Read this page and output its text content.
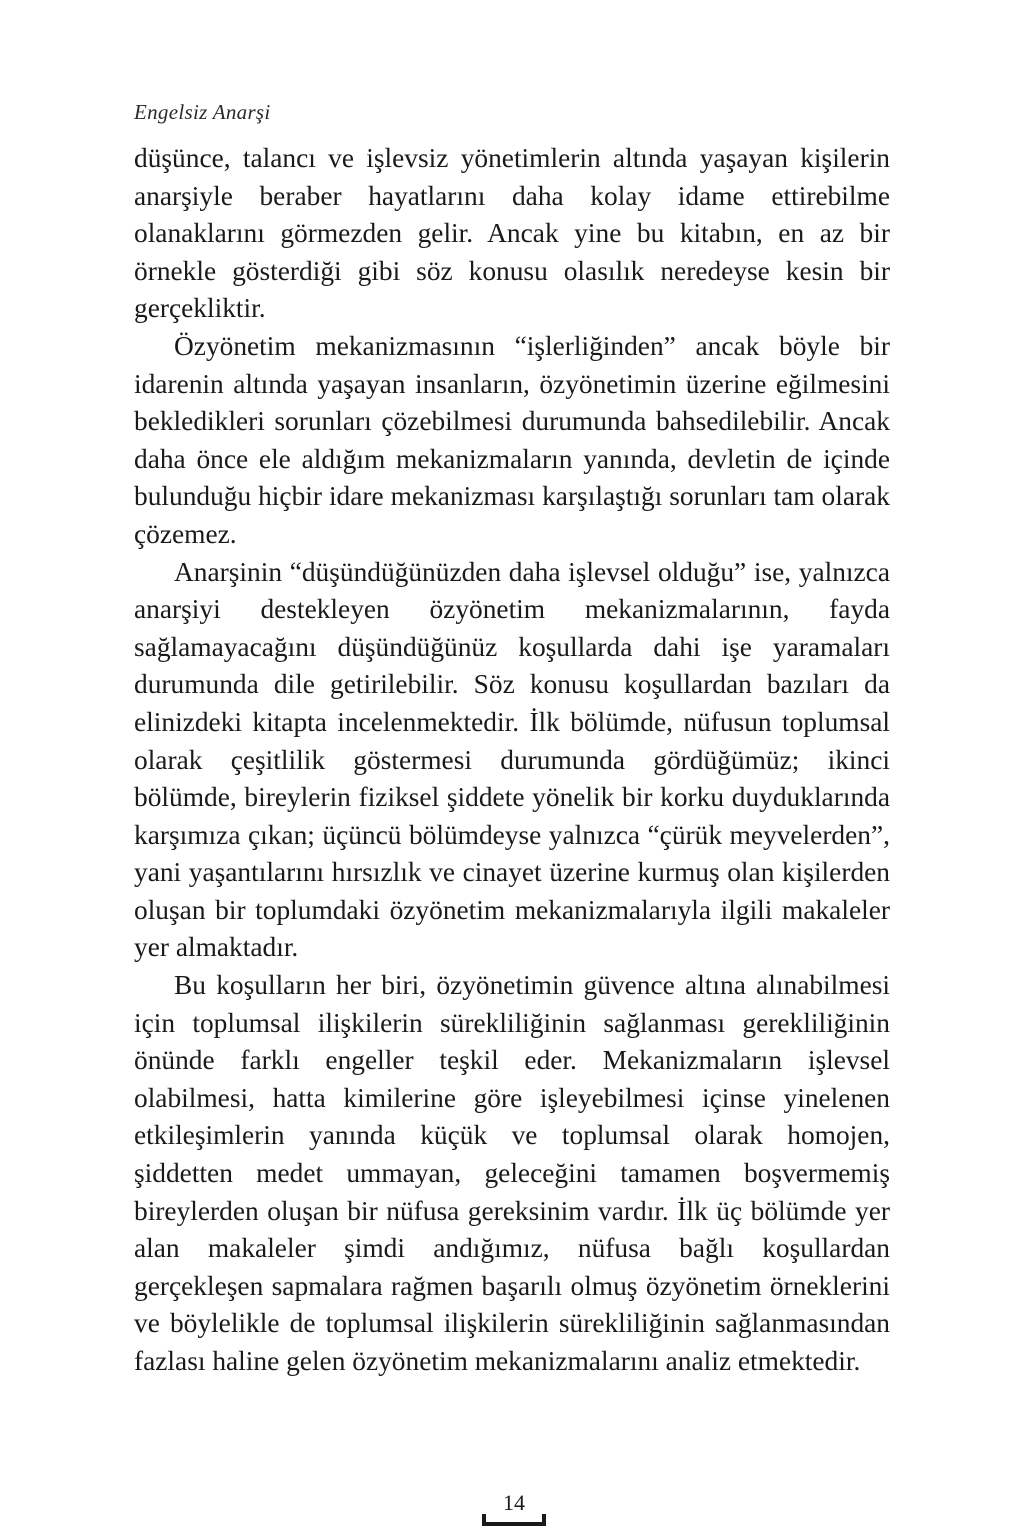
Engelsiz Anarşi

düşünce, talancı ve işlevsiz yönetimlerin altında yaşayan kişilerin anarşiyle beraber hayatlarını daha kolay idame ettirebilme olanaklarını görmezden gelir. Ancak yine bu kitabın, en az bir örnekle gösterdiği gibi söz konusu olasılık neredeyse kesin bir gerçekliktir.

Özyönetim mekanizmasının “işlerliğinden” ancak böyle bir idarenin altında yaşayan insanların, özyönetimin üzerine eğilmesini bekledikleri sorunları çözebilmesi durumunda bahsedilebilir. Ancak daha önce ele aldığım mekanizmaların yanında, devletin de içinde bulunduğu hiçbir idare mekanizması karşılaştığı sorunları tam olarak çözemez.

Anarşinin “düşündüğünüzden daha işlevsel olduğu” ise, yalnızca anarşiyi destekleyen özyönetim mekanizmalarının, fayda sağlamayacağını düşündüğünüz koşullarda dahi işe yaramaları durumunda dile getirilebilir. Söz konusu koşullardan bazıları da elinizdeki kitapta incelenmektedir. İlk bölümde, nüfusun toplumsal olarak çeşitlilik göstermesi durumunda gördüğümüz; ikinci bölümde, bireylerin fiziksel şiddete yönelik bir korku duyduklarında karşımıza çıkan; üçüncü bölümdeyse yalnızca “çürük meyvelerden”, yani yaşantılarını hırsızlık ve cinayet üzerine kurmuş olan kişilerden oluşan bir toplumdaki özyönetim mekanizmalarıyla ilgili makaleler yer almaktadır.

Bu koşulların her biri, özyönetimin güvence altına alınabilmesi için toplumsal ilişkilerin sürekliliğinin sağlanması gerekliliğinin önünde farklı engeller teşkil eder. Mekanizmaların işlevsel olabilmesi, hatta kimilerine göre işleyebilmesi içinse yinelenen etkileşimlerin yanında küçük ve toplumsal olarak homojen, şiddetten medet ummayan, geleceğini tamamen boşvermemiş bireylerden oluşan bir nüfusa gereksinim vardır. İlk üç bölümde yer alan makaleler şimdi andığımız, nüfusa bağlı koşullardan gerçekleşen sapmalara rağmen başarılı olmuş özyönetim örneklerini ve böylelikle de toplumsal ilişkilerin sürekliliğinin sağlanmasından fazlası haline gelen özyönetim mekanizmalarını analiz etmektedir.

14
